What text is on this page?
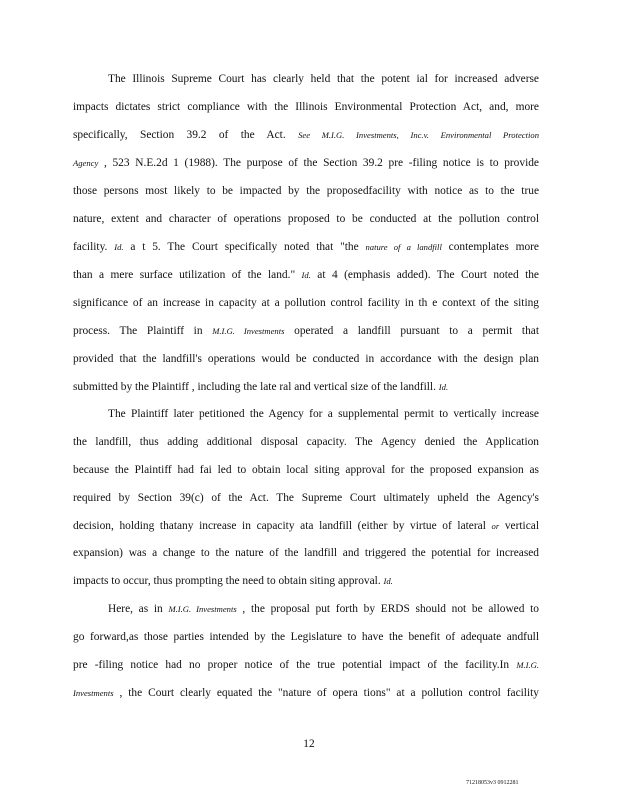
The Illinois Supreme Court has clearly held that the potent ial for increased adverse
impacts dictates strict compliance with the Illinois Environmental Protection Act, and, more
specifically, Section 39.2 of the Act. See M.I.G. Investments, Inc.v. Environmental Protection
Agency , 523 N.E.2d 1 (1988). The purpose of the Section 39.2 pre -filing notice is to provide
those persons most likely to be impacted by the proposedfacility with notice as to the true
nature, extent and character of operations proposed to be conducted at the pollution control
facility. Id. a t 5. The Court specifically noted that "the nature of a landfill contemplates more
than a mere surface utilization of the land." Id. at 4 (emphasis added). The Court noted the
significance of an increase in capacity at a pollution control facility in th e context of the siting
process. The Plaintiff in M.I.G. Investments operated a landfill pursuant to a permit that
provided that the landfill's operations would be conducted in accordance with the design plan
submitted by the Plaintiff , including the late ral and vertical size of the landfill. Id.
The Plaintiff later petitioned the Agency for a supplemental permit to vertically increase
the landfill, thus adding additional disposal capacity. The Agency denied the Application
because the Plaintiff had fai led to obtain local siting approval for the proposed expansion as
required by Section 39(c) of the Act. The Supreme Court ultimately upheld the Agency's
decision, holding thatany increase in capacity ata landfill (either by virtue of lateral or vertical
expansion) was a change to the nature of the landfill and triggered the potential for increased
impacts to occur, thus prompting the need to obtain siting approval. Id.
Here, as in M.I.G. Investments , the proposal put forth by ERDS should not be allowed to
go forward,as those parties intended by the Legislature to have the benefit of adequate andfull
pre -filing notice had no proper notice of the true potential impact of the facility.In M.I.G.
Investments , the Court clearly equated the "nature of opera tions" at a pollution control facility
12
71218053v3 0912281
